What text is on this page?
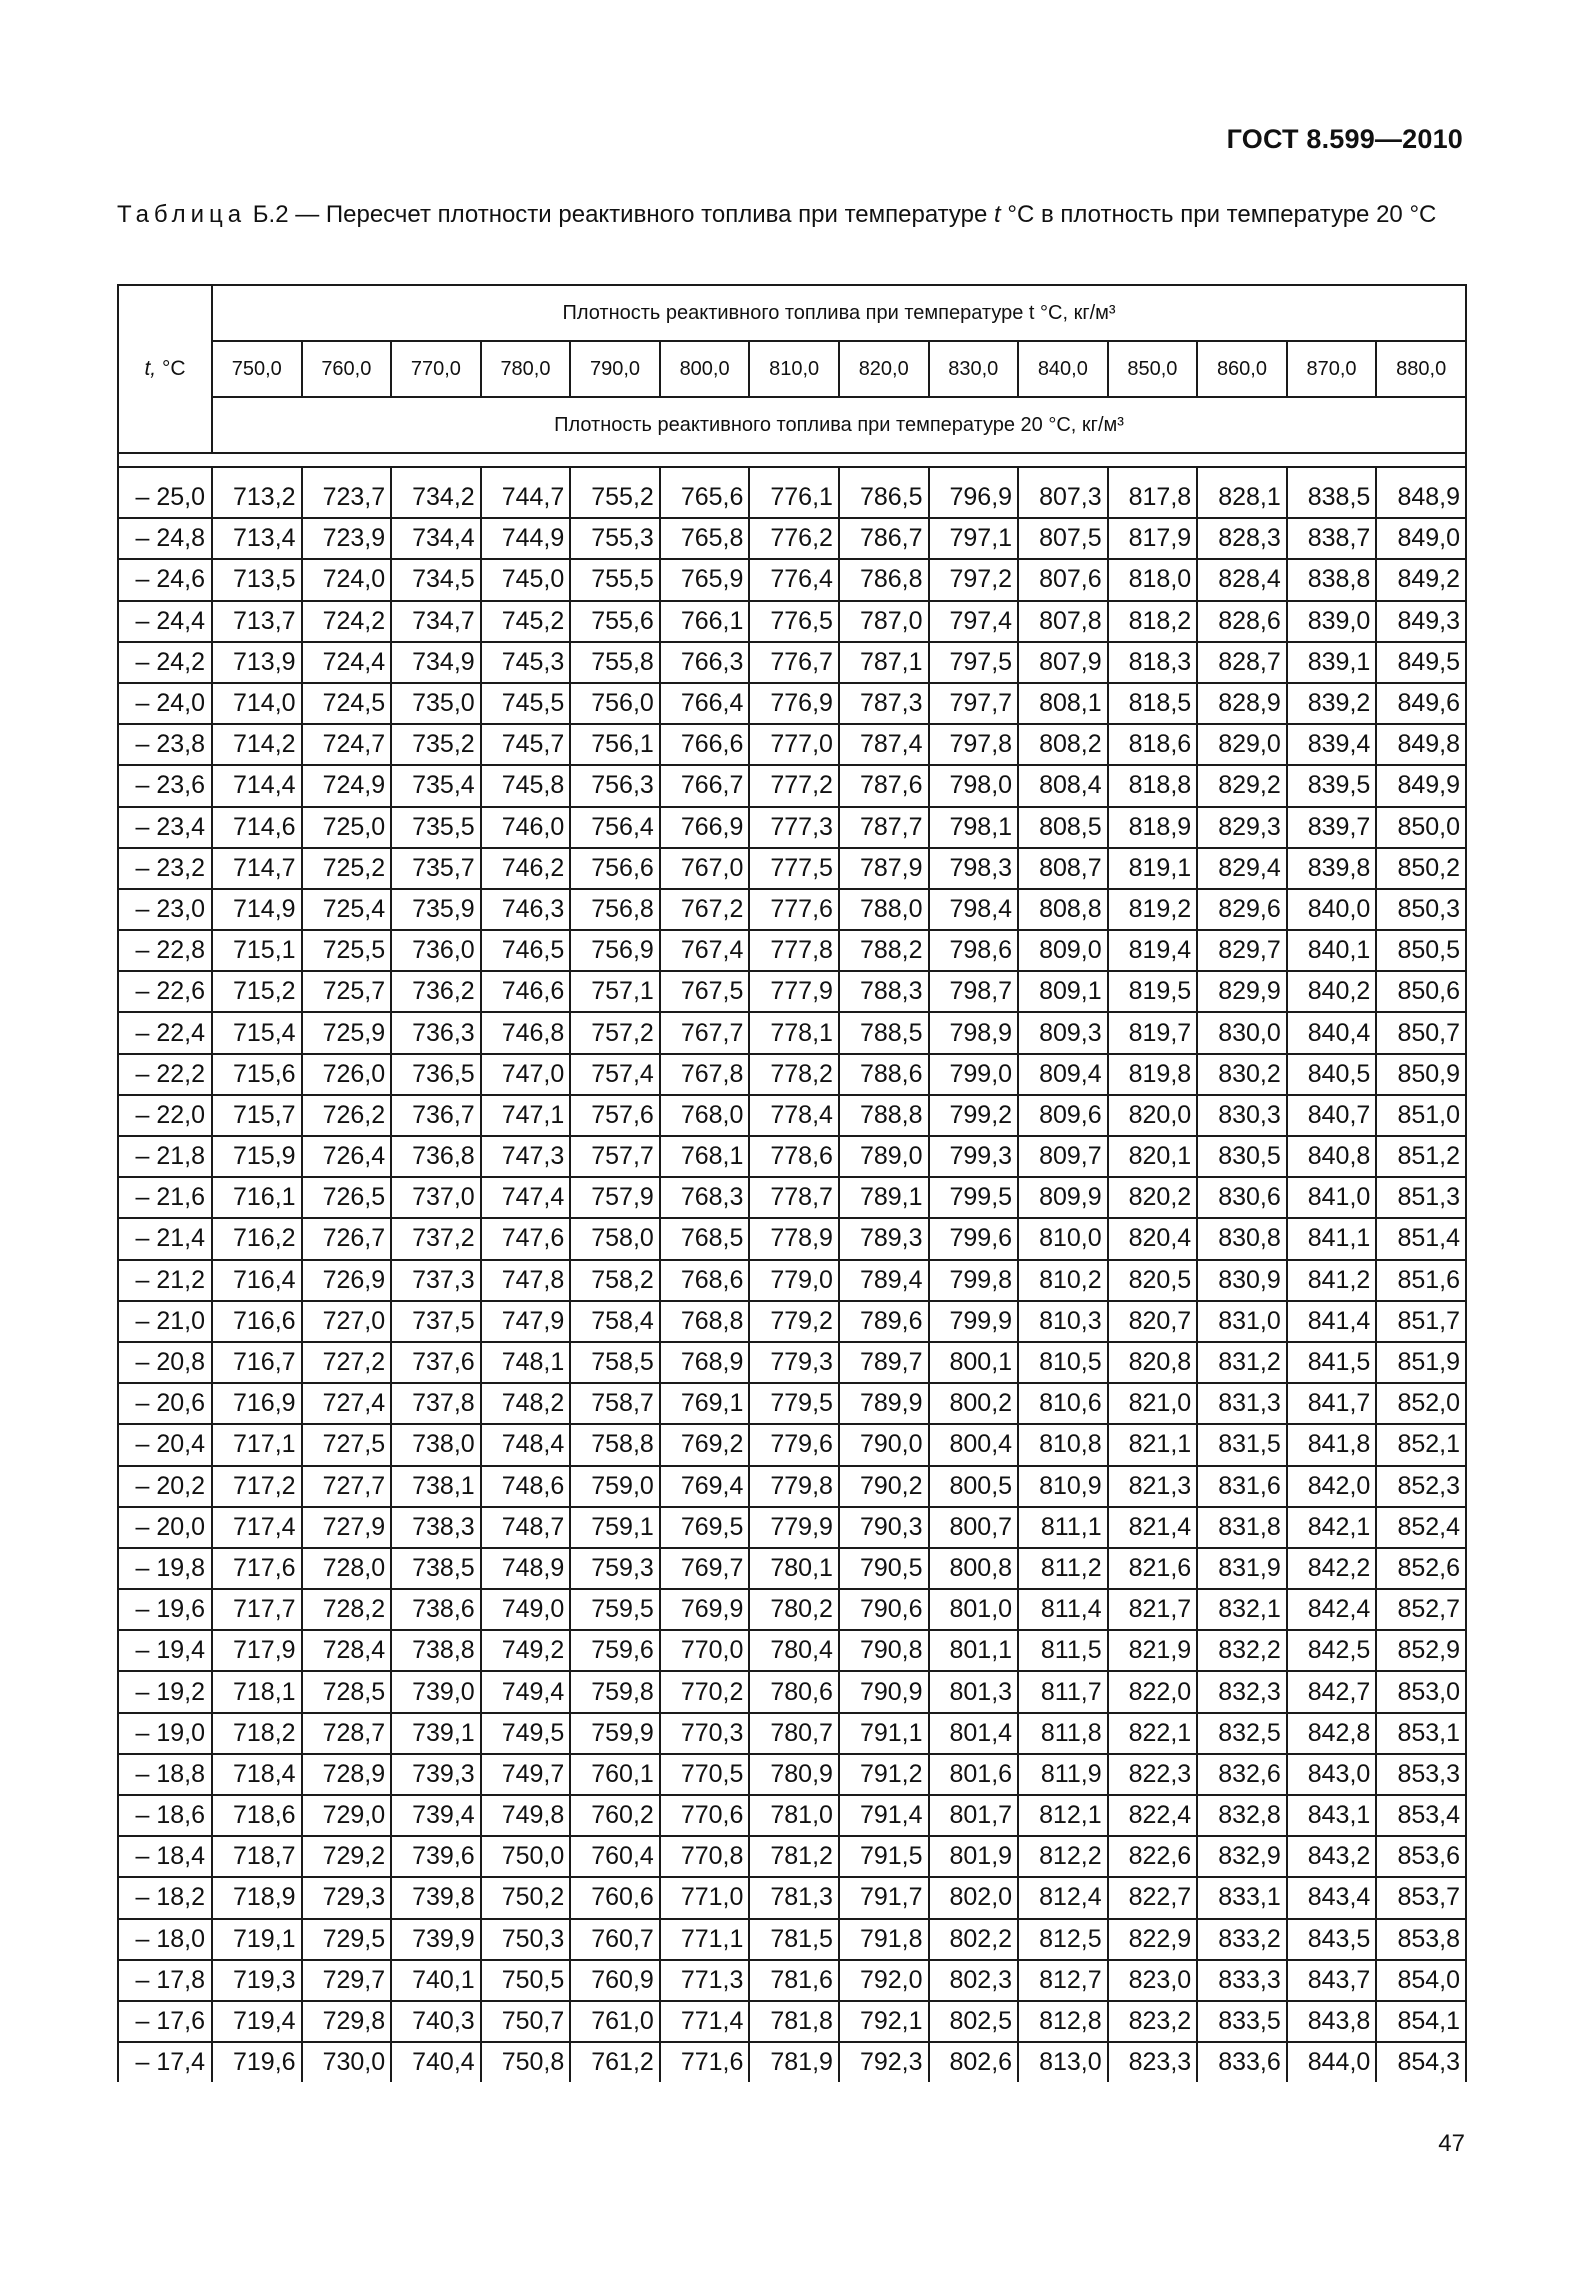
ГОСТ 8.599—2010
Таблица Б.2 — Пересчет плотности реактивного топлива при температуре t °C в плотность при температуре 20 °C
t, °C	Плотность реактивного топлива при температуре t °C, кг/м³													
	750,0	760,0	770,0	780,0	790,0	800,0	810,0	820,0	830,0	840,0	850,0	860,0	870,0	880,0
	Плотность реактивного топлива при температуре 20 °C, кг/м³													

– 25,0	713,2	723,7	734,2	744,7	755,2	765,6	776,1	786,5	796,9	807,3	817,8	828,1	838,5	848,9
– 24,8	713,4	723,9	734,4	744,9	755,3	765,8	776,2	786,7	797,1	807,5	817,9	828,3	838,7	849,0
– 24,6	713,5	724,0	734,5	745,0	755,5	765,9	776,4	786,8	797,2	807,6	818,0	828,4	838,8	849,2
– 24,4	713,7	724,2	734,7	745,2	755,6	766,1	776,5	787,0	797,4	807,8	818,2	828,6	839,0	849,3
– 24,2	713,9	724,4	734,9	745,3	755,8	766,3	776,7	787,1	797,5	807,9	818,3	828,7	839,1	849,5
– 24,0	714,0	724,5	735,0	745,5	756,0	766,4	776,9	787,3	797,7	808,1	818,5	828,9	839,2	849,6
– 23,8	714,2	724,7	735,2	745,7	756,1	766,6	777,0	787,4	797,8	808,2	818,6	829,0	839,4	849,8
– 23,6	714,4	724,9	735,4	745,8	756,3	766,7	777,2	787,6	798,0	808,4	818,8	829,2	839,5	849,9
– 23,4	714,6	725,0	735,5	746,0	756,4	766,9	777,3	787,7	798,1	808,5	818,9	829,3	839,7	850,0
– 23,2	714,7	725,2	735,7	746,2	756,6	767,0	777,5	787,9	798,3	808,7	819,1	829,4	839,8	850,2
– 23,0	714,9	725,4	735,9	746,3	756,8	767,2	777,6	788,0	798,4	808,8	819,2	829,6	840,0	850,3
– 22,8	715,1	725,5	736,0	746,5	756,9	767,4	777,8	788,2	798,6	809,0	819,4	829,7	840,1	850,5
– 22,6	715,2	725,7	736,2	746,6	757,1	767,5	777,9	788,3	798,7	809,1	819,5	829,9	840,2	850,6
– 22,4	715,4	725,9	736,3	746,8	757,2	767,7	778,1	788,5	798,9	809,3	819,7	830,0	840,4	850,7
– 22,2	715,6	726,0	736,5	747,0	757,4	767,8	778,2	788,6	799,0	809,4	819,8	830,2	840,5	850,9
– 22,0	715,7	726,2	736,7	747,1	757,6	768,0	778,4	788,8	799,2	809,6	820,0	830,3	840,7	851,0
– 21,8	715,9	726,4	736,8	747,3	757,7	768,1	778,6	789,0	799,3	809,7	820,1	830,5	840,8	851,2
– 21,6	716,1	726,5	737,0	747,4	757,9	768,3	778,7	789,1	799,5	809,9	820,2	830,6	841,0	851,3
– 21,4	716,2	726,7	737,2	747,6	758,0	768,5	778,9	789,3	799,6	810,0	820,4	830,8	841,1	851,4
– 21,2	716,4	726,9	737,3	747,8	758,2	768,6	779,0	789,4	799,8	810,2	820,5	830,9	841,2	851,6
– 21,0	716,6	727,0	737,5	747,9	758,4	768,8	779,2	789,6	799,9	810,3	820,7	831,0	841,4	851,7
– 20,8	716,7	727,2	737,6	748,1	758,5	768,9	779,3	789,7	800,1	810,5	820,8	831,2	841,5	851,9
– 20,6	716,9	727,4	737,8	748,2	758,7	769,1	779,5	789,9	800,2	810,6	821,0	831,3	841,7	852,0
– 20,4	717,1	727,5	738,0	748,4	758,8	769,2	779,6	790,0	800,4	810,8	821,1	831,5	841,8	852,1
– 20,2	717,2	727,7	738,1	748,6	759,0	769,4	779,8	790,2	800,5	810,9	821,3	831,6	842,0	852,3
– 20,0	717,4	727,9	738,3	748,7	759,1	769,5	779,9	790,3	800,7	811,1	821,4	831,8	842,1	852,4
– 19,8	717,6	728,0	738,5	748,9	759,3	769,7	780,1	790,5	800,8	811,2	821,6	831,9	842,2	852,6
– 19,6	717,7	728,2	738,6	749,0	759,5	769,9	780,2	790,6	801,0	811,4	821,7	832,1	842,4	852,7
– 19,4	717,9	728,4	738,8	749,2	759,6	770,0	780,4	790,8	801,1	811,5	821,9	832,2	842,5	852,9
– 19,2	718,1	728,5	739,0	749,4	759,8	770,2	780,6	790,9	801,3	811,7	822,0	832,3	842,7	853,0
– 19,0	718,2	728,7	739,1	749,5	759,9	770,3	780,7	791,1	801,4	811,8	822,1	832,5	842,8	853,1
– 18,8	718,4	728,9	739,3	749,7	760,1	770,5	780,9	791,2	801,6	811,9	822,3	832,6	843,0	853,3
– 18,6	718,6	729,0	739,4	749,8	760,2	770,6	781,0	791,4	801,7	812,1	822,4	832,8	843,1	853,4
– 18,4	718,7	729,2	739,6	750,0	760,4	770,8	781,2	791,5	801,9	812,2	822,6	832,9	843,2	853,6
– 18,2	718,9	729,3	739,8	750,2	760,6	771,0	781,3	791,7	802,0	812,4	822,7	833,1	843,4	853,7
– 18,0	719,1	729,5	739,9	750,3	760,7	771,1	781,5	791,8	802,2	812,5	822,9	833,2	843,5	853,8
– 17,8	719,3	729,7	740,1	750,5	760,9	771,3	781,6	792,0	802,3	812,7	823,0	833,3	843,7	854,0
– 17,6	719,4	729,8	740,3	750,7	761,0	771,4	781,8	792,1	802,5	812,8	823,2	833,5	843,8	854,1
– 17,4	719,6	730,0	740,4	750,8	761,2	771,6	781,9	792,3	802,6	813,0	823,3	833,6	844,0	854,3
47
